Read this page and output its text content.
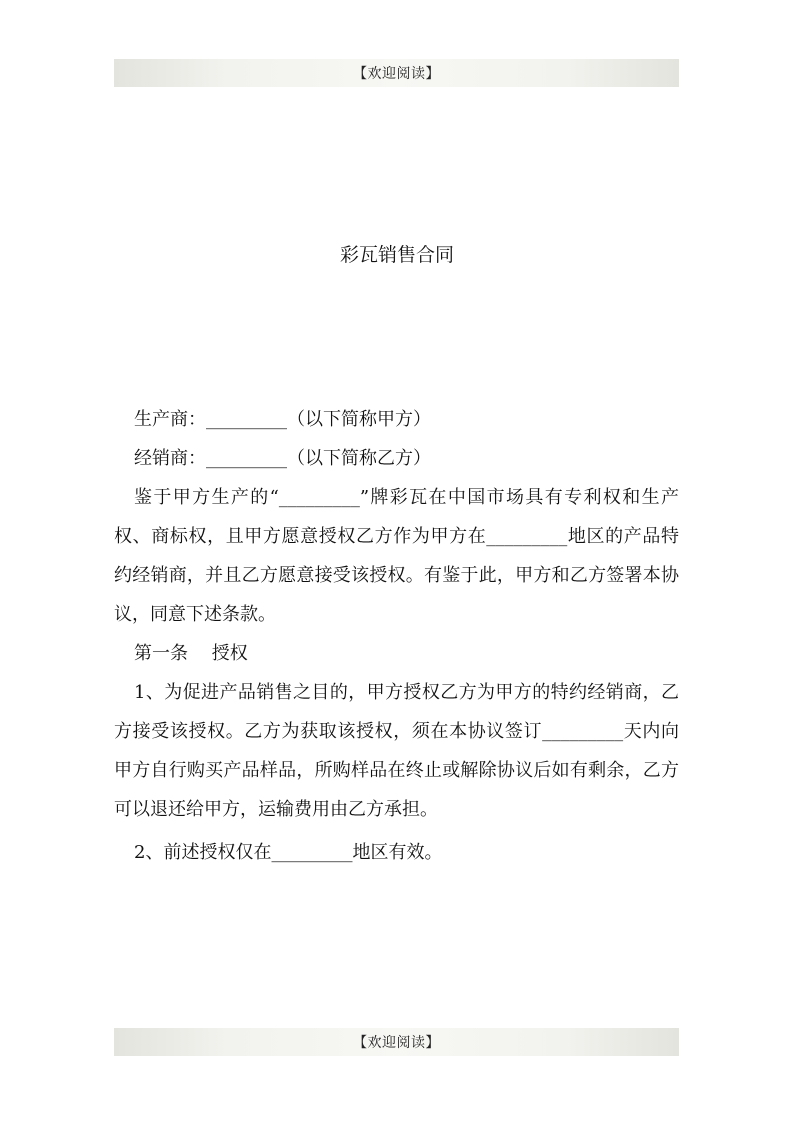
【欢迎阅读】
彩瓦销售合同
生产商：_________（以下简称甲方）
经销商：_________（以下简称乙方）
鉴于甲方生产的“_________”牌彩瓦在中国市场具有专利权和生产权、商标权，且甲方愿意授权乙方作为甲方在_________地区的产品特约经销商，并且乙方愿意接受该授权。有鉴于此，甲方和乙方签署本协议，同意下述条款。
第一条　 授权
1、为促进产品销售之目的，甲方授权乙方为甲方的特约经销商，乙方接受该授权。乙方为获取该授权，须在本协议签订_________天内向甲方自行购买产品样品，所购样品在终止或解除协议后如有剩余，乙方可以退还给甲方，运输费用由乙方承担。
2、前述授权仅在_________地区有效。
【欢迎阅读】
